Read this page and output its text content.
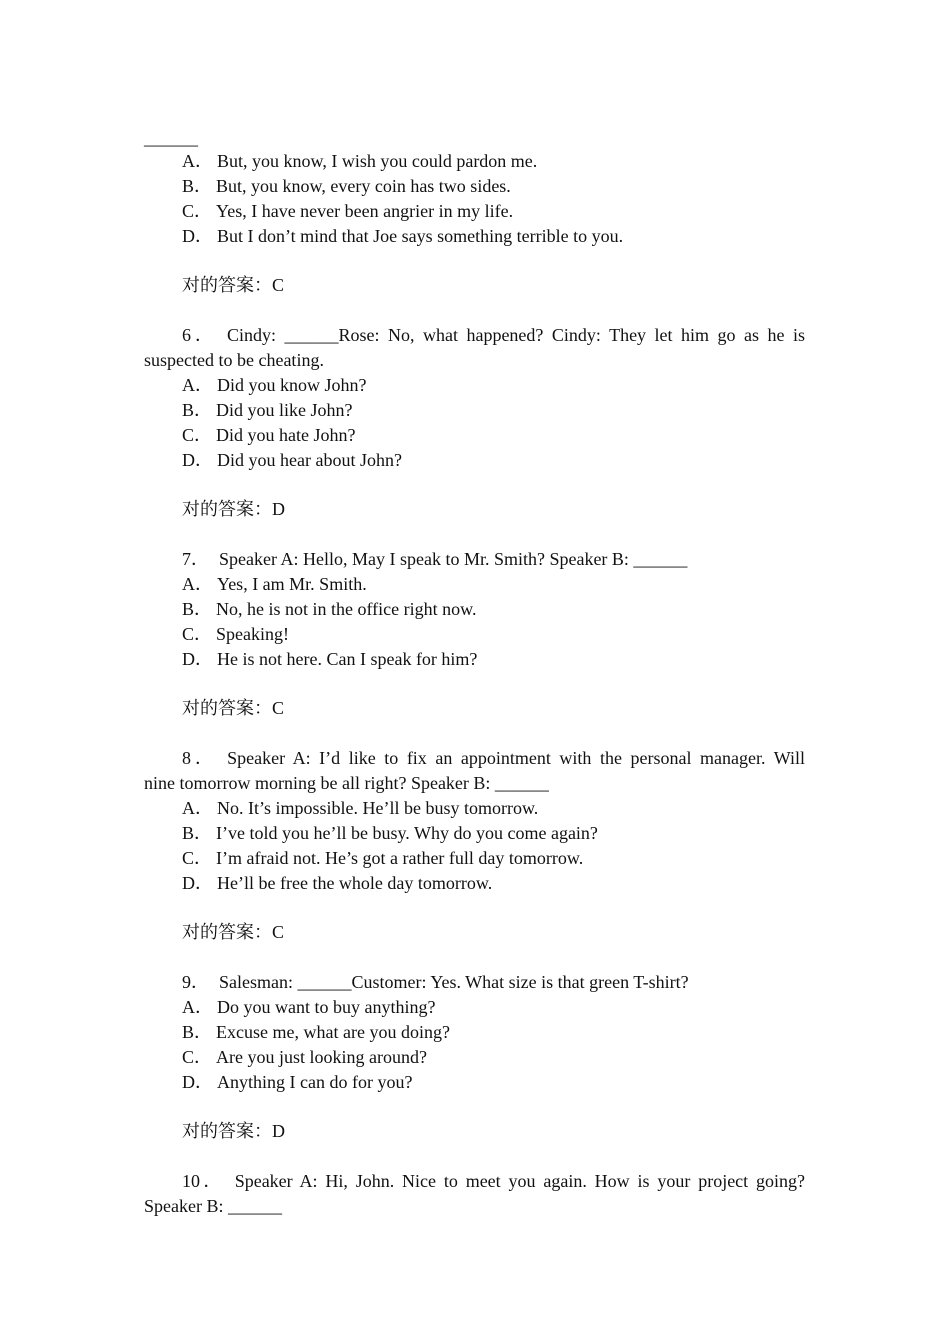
______
A． But, you know, I wish you could pardon me.
B． But, you know, every coin has two sides.
C． Yes, I have never been angrier in my life.
D． But I don’t mind that Joe says something terrible to you.
对的答案：C
6． Cindy: ______Rose: No, what happened? Cindy: They let him go as he is
suspected to be cheating.
A． Did you know John?
B． Did you like John?
C． Did you hate John?
D． Did you hear about John?
对的答案：D
7． Speaker A: Hello, May I speak to Mr. Smith? Speaker B: ______
A． Yes, I am Mr. Smith.
B． No, he is not in the office right now.
C． Speaking!
D． He is not here. Can I speak for him?
对的答案：C
8． Speaker A: I’d like to fix an appointment with the personal manager. Will
nine tomorrow morning be all right? Speaker B: ______
A． No. It’s impossible. He’ll be busy tomorrow.
B． I’ve told you he’ll be busy. Why do you come again?
C． I’m afraid not. He’s got a rather full day tomorrow.
D． He’ll be free the whole day tomorrow.
对的答案：C
9． Salesman: ______Customer: Yes. What size is that green T-shirt?
A． Do you want to buy anything?
B． Excuse me, what are you doing?
C． Are you just looking around?
D． Anything I can do for you?
对的答案：D
10． Speaker A: Hi, John. Nice to meet you again. How is your project going?
Speaker B: ______
